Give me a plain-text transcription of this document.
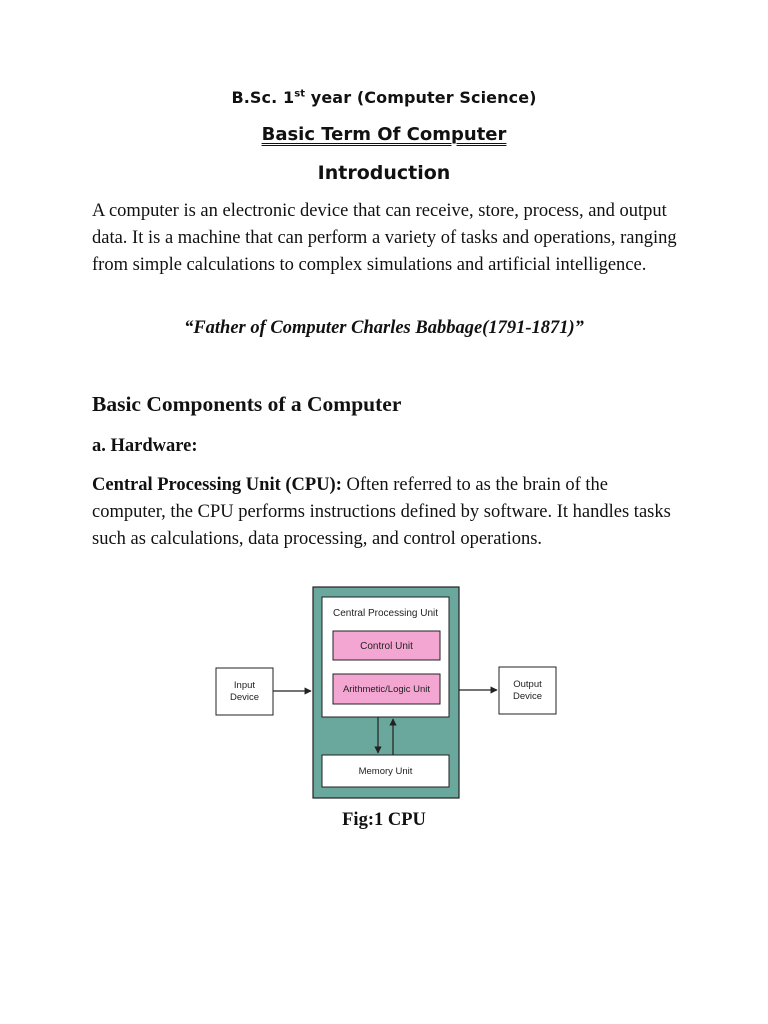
B.Sc. 1st year (Computer Science)
Basic Term Of Computer
Introduction
A computer is an electronic device that can receive, store, process, and output data. It is a machine that can perform a variety of tasks and operations, ranging from simple calculations to complex simulations and artificial intelligence.
“Father of Computer Charles Babbage(1791-1871)”
Basic Components of a Computer
a. Hardware:
Central Processing Unit (CPU): Often referred to as the brain of the computer, the CPU performs instructions defined by software. It handles tasks such as calculations, data processing, and control operations.
Central Processing Unit
Control Unit
Arithmetic/Logic Unit
Input
Device
Output
Device
Memory Unit
Fig:1 CPU
